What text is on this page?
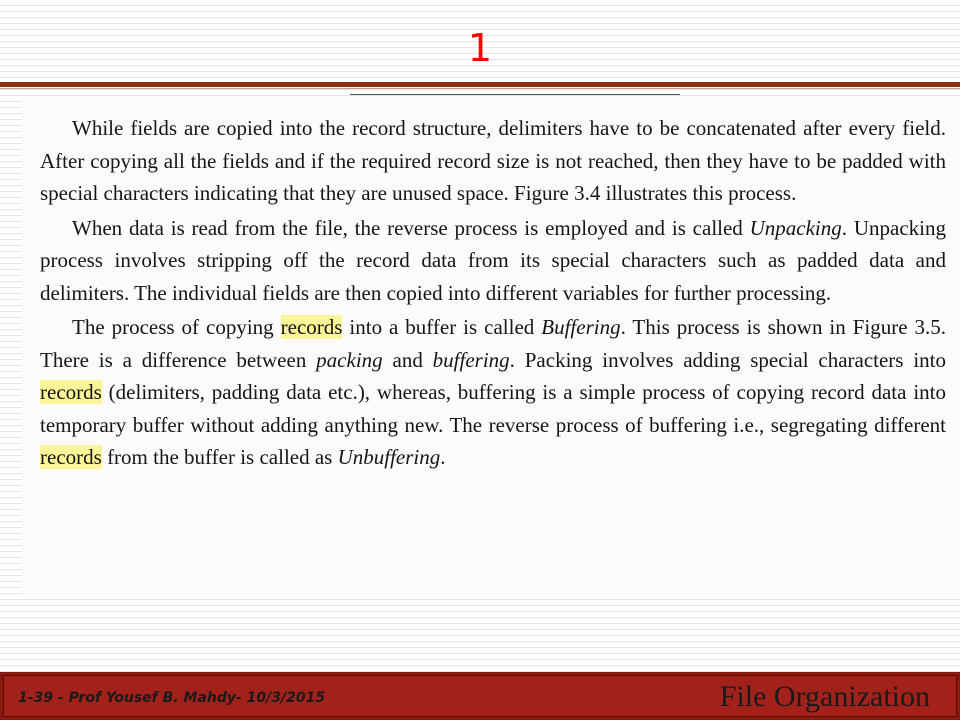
1

While fields are copied into the record structure, delimiters have to be concatenated after every field. After copying all the fields and if the required record size is not reached, then they have to be padded with special characters indicating that they are unused space. Figure 3.4 illustrates this process.

When data is read from the file, the reverse process is employed and is called Unpacking. Unpacking process involves stripping off the record data from its special characters such as padded data and delimiters. The individual fields are then copied into different variables for further processing.

The process of copying records into a buffer is called Buffering. This process is shown in Figure 3.5. There is a difference between packing and buffering. Packing involves adding special characters into records (delimiters, padding data etc.), whereas, buffering is a simple process of copying record data into temporary buffer without adding anything new. The reverse process of buffering i.e., segregating different records from the buffer is called as Unbuffering.

1-39 - Prof Yousef B. Mahdy- 10/3/2015	File Organization
